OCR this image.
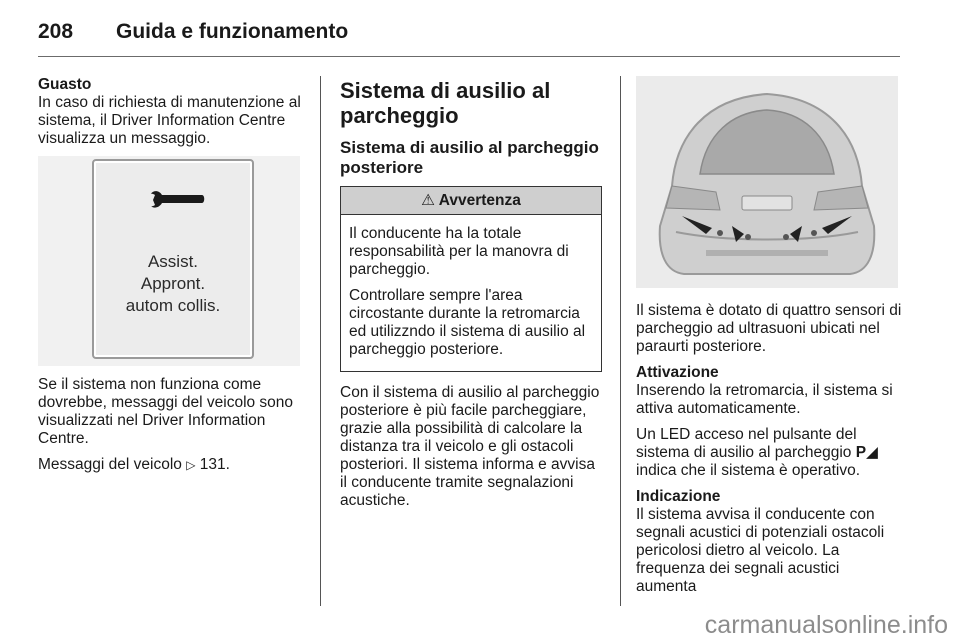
208 Guida e funzionamento
Guasto

In caso di richiesta di manutenzione al sistema, il Driver Information Centre visualizza un messaggio.

Assist.
Appront.
autom collis.

Se il sistema non funziona come dovrebbe, messaggi del veicolo sono visualizzati nel Driver Information Centre.

Messaggi del veicolo ▷ 131.

Sistema di ausilio al parcheggio
Sistema di ausilio al parcheggio posteriore
⚠ Avvertenza

Il conducente ha la totale responsabilità per la manovra di parcheggio.

Controllare sempre l'area circostante durante la retromarcia ed utilizzndo il sistema di ausilio al parcheggio posteriore.

Con il sistema di ausilio al parcheggio posteriore è più facile parcheggiare, grazie alla possibilità di calcolare la distanza tra il veicolo e gli ostacoli posteriori. Il sistema informa e avvisa il conducente tramite segnalazioni acustiche.

Il sistema è dotato di quattro sensori di parcheggio ad ultrasuoni ubicati nel paraurti posteriore.

Attivazione

Inserendo la retromarcia, il sistema si attiva automaticamente.

Un LED acceso nel pulsante del sistema di ausilio al parcheggio P◢ indica che il sistema è operativo.

Indicazione

Il sistema avvisa il conducente con segnali acustici di potenziali ostacoli pericolosi dietro al veicolo. La frequenza dei segnali acustici aumenta

carmanualsonline.info
